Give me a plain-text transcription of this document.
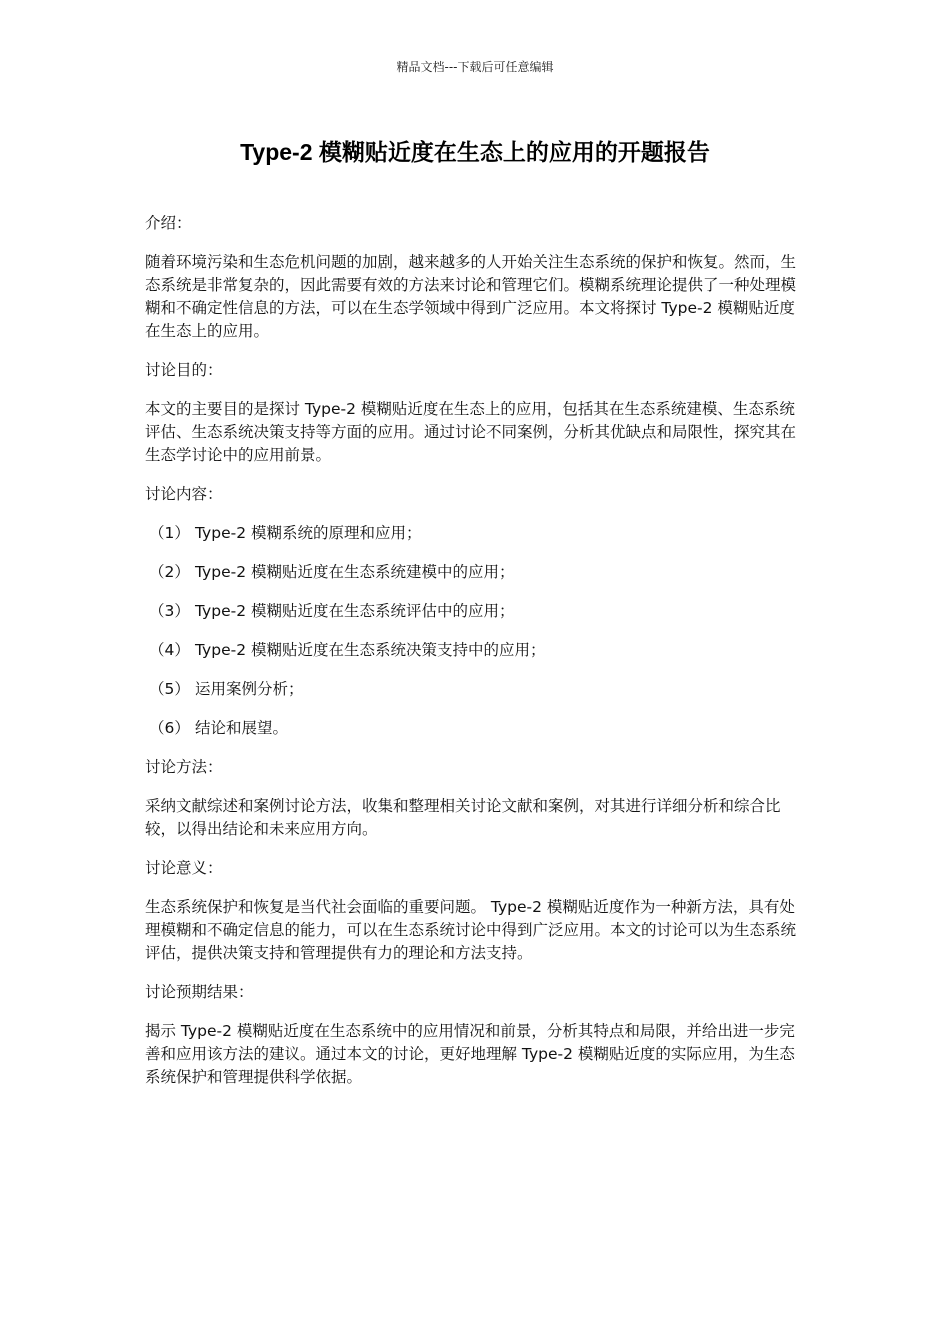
精品文档---下载后可任意编辑
Type-2 模糊贴近度在生态上的应用的开题报告

介绍：

随着环境污染和生态危机问题的加剧，越来越多的人开始关注生态系统的保护和恢复。然而，生态系统是非常复杂的，因此需要有效的方法来讨论和管理它们。模糊系统理论提供了一种处理模糊和不确定性信息的方法，可以在生态学领域中得到广泛应用。本文将探讨 Type-2 模糊贴近度在生态上的应用。

讨论目的：

本文的主要目的是探讨 Type-2 模糊贴近度在生态上的应用，包括其在生态系统建模、生态系统评估、生态系统决策支持等方面的应用。通过讨论不同案例，分析其优缺点和局限性，探究其在生态学讨论中的应用前景。

讨论内容：

（1） Type-2 模糊系统的原理和应用；

（2） Type-2 模糊贴近度在生态系统建模中的应用；

（3） Type-2 模糊贴近度在生态系统评估中的应用；

（4） Type-2 模糊贴近度在生态系统决策支持中的应用；

（5） 运用案例分析；

（6） 结论和展望。

讨论方法：

采纳文献综述和案例讨论方法，收集和整理相关讨论文献和案例，对其进行详细分析和综合比较，以得出结论和未来应用方向。

讨论意义：

生态系统保护和恢复是当代社会面临的重要问题。 Type-2 模糊贴近度作为一种新方法，具有处理模糊和不确定信息的能力，可以在生态系统讨论中得到广泛应用。本文的讨论可以为生态系统评估，提供决策支持和管理提供有力的理论和方法支持。

讨论预期结果：

揭示 Type-2 模糊贴近度在生态系统中的应用情况和前景，分析其特点和局限，并给出进一步完善和应用该方法的建议。通过本文的讨论，更好地理解 Type-2 模糊贴近度的实际应用，为生态系统保护和管理提供科学依据。
